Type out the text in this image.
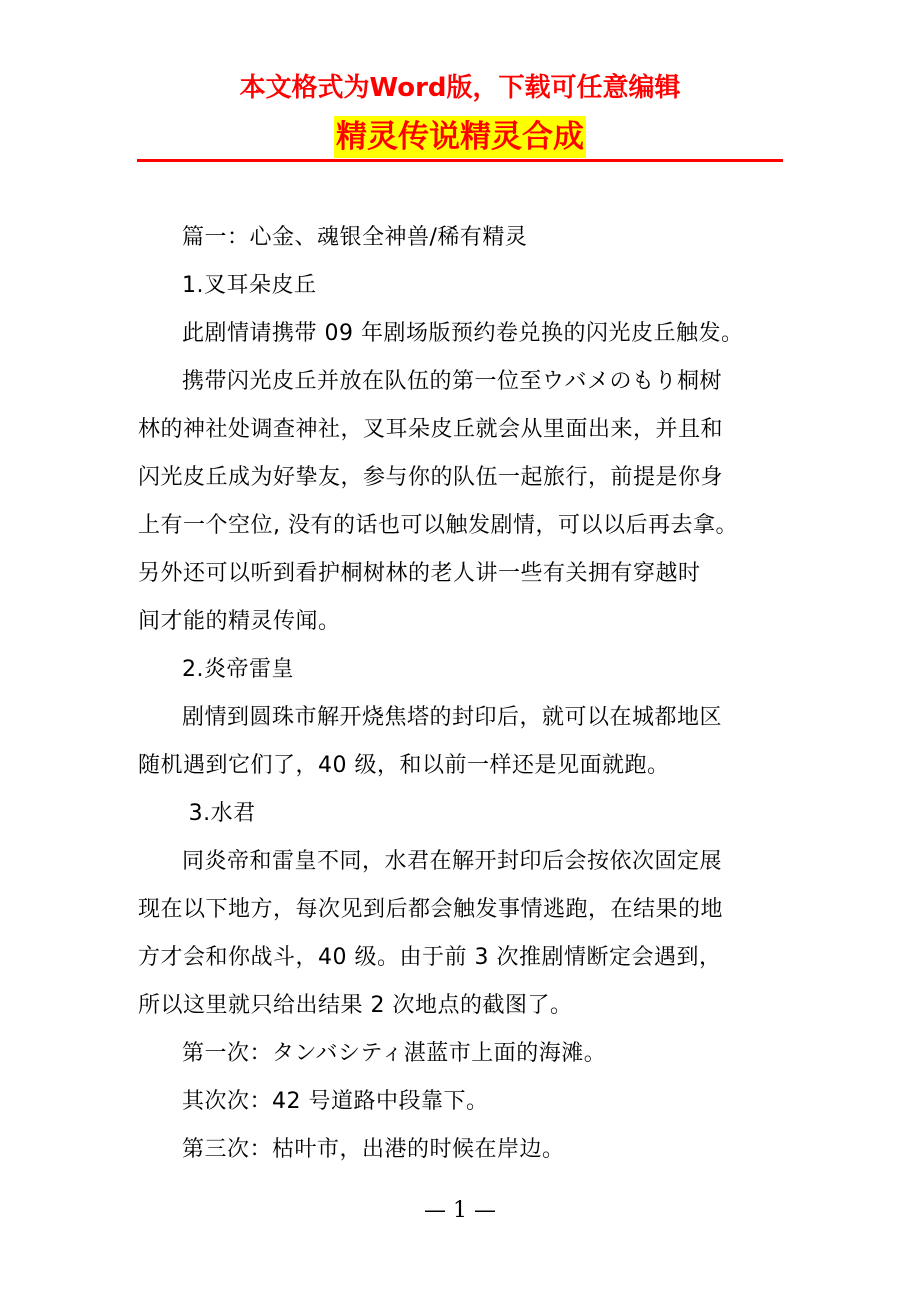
本文格式为Word版，下载可任意编辑
精灵传说精灵合成

篇一：心金、魂银全神兽/稀有精灵

1.叉耳朵皮丘

此剧情请携带 09 年剧场版预约卷兑换的闪光皮丘触发。

携带闪光皮丘并放在队伍的第一位至ウバメのもり桐树

林的神社处调查神社，叉耳朵皮丘就会从里面出来，并且和

闪光皮丘成为好挚友，参与你的队伍一起旅行，前提是你身

上有一个空位, 没有的话也可以触发剧情，可以以后再去拿。

另外还可以听到看护桐树林的老人讲一些有关拥有穿越时

间才能的精灵传闻。

2.炎帝雷皇

剧情到圆珠市解开烧焦塔的封印后，就可以在城都地区

随机遇到它们了，40 级，和以前一样还是见面就跑。

3.水君

同炎帝和雷皇不同，水君在解开封印后会按依次固定展

现在以下地方，每次见到后都会触发事情逃跑，在结果的地

方才会和你战斗，40 级。由于前 3 次推剧情断定会遇到，

所以这里就只给出结果 2 次地点的截图了。

第一次：タンバシティ湛蓝市上面的海滩。

其次次：42 号道路中段靠下。

第三次：枯叶市，出港的时候在岸边。

— 1 —
